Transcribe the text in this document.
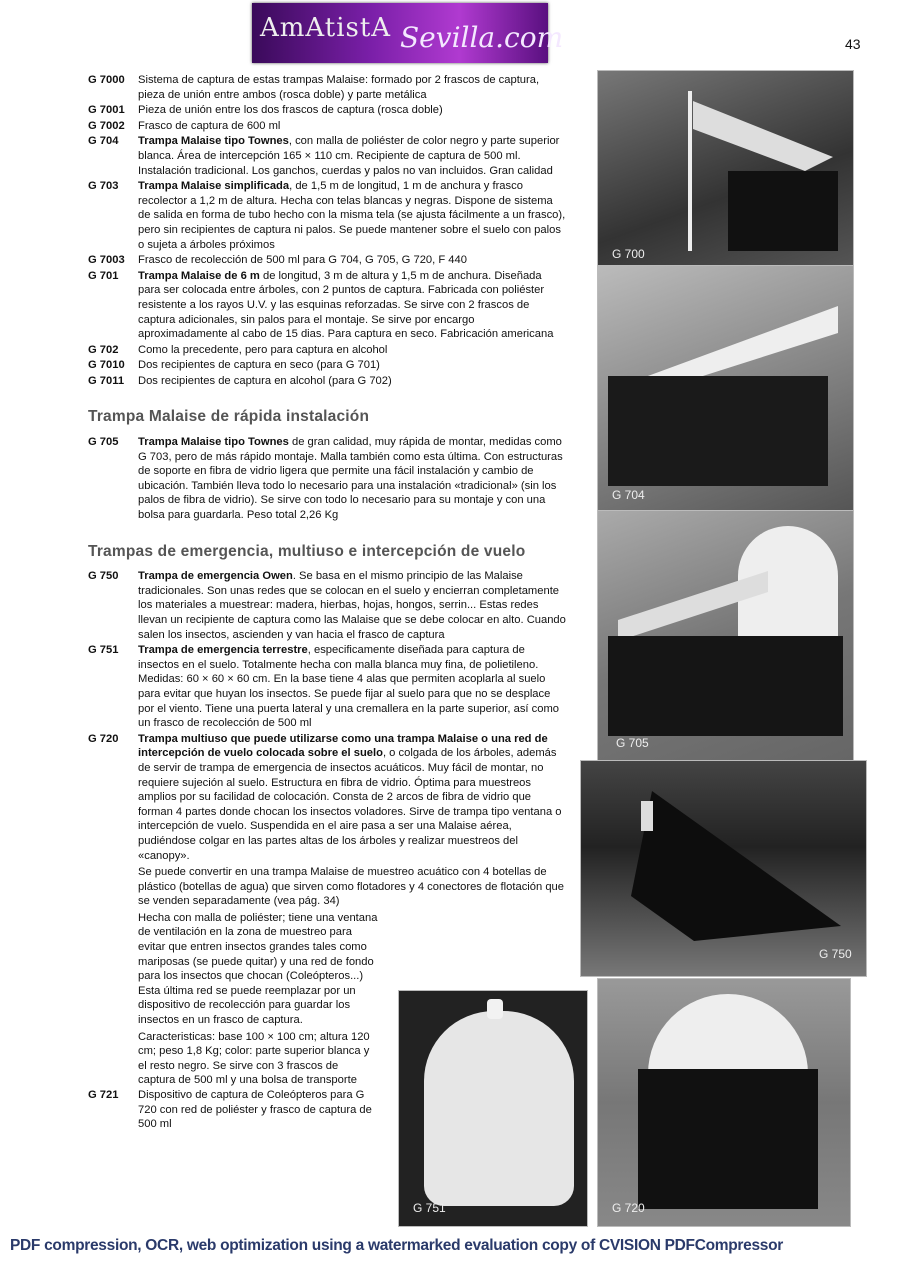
AmAtistA Sevilla.com	43
G 7000	Sistema de captura de estas trampas Malaise: formado por 2 frascos de captura, pieza de unión entre ambos (rosca doble) y parte metálica
G 7001	Pieza de unión entre los dos frascos de captura (rosca doble)
G 7002	Frasco de captura de 600 ml
G 704	Trampa Malaise tipo Townes, con malla de poliéster de color negro y parte superior blanca. Área de intercepción 165 × 110 cm. Recipiente de captura de 500 ml. Instalación tradicional. Los ganchos, cuerdas y palos no van incluidos. Gran calidad
G 703	Trampa Malaise simplificada, de 1,5 m de longitud, 1 m de anchura y frasco recolector a 1,2 m de altura. Hecha con telas blancas y negras. Dispone de sistema de salida en forma de tubo hecho con la misma tela (se ajusta fácilmente a un frasco), pero sin recipientes de captura ni palos. Se puede mantener sobre el suelo con palos o sujeta a árboles próximos
G 7003	Frasco de recolección de 500 ml para G 704, G 705, G 720, F 440
G 701	Trampa Malaise de 6 m de longitud, 3 m de altura y 1,5 m de anchura. Diseñada para ser colocada entre árboles, con 2 puntos de captura. Fabricada con poliéster resistente a los rayos U.V. y las esquinas reforzadas. Se sirve con 2 frascos de captura adicionales, sin palos para el montaje. Se sirve por encargo aproximadamente al cabo de 15 dias. Para captura en seco. Fabricación americana
G 702	Como la precedente, pero para captura en alcohol
G 7010	Dos recipientes de captura en seco (para G 701)
G 7011	Dos recipientes de captura en alcohol (para G 702)
Trampa Malaise de rápida instalación
G 705	Trampa Malaise tipo Townes de gran calidad, muy rápida de montar, medidas como G 703, pero de más rápido montaje. Malla también como esta última. Con estructuras de soporte en fibra de vidrio ligera que permite una fácil instalación y cambio de ubicación. También lleva todo lo necesario para una instalación «tradicional» (sin los palos de fibra de vidrio). Se sirve con todo lo necesario para su montaje y con una bolsa para guardarla. Peso total 2,26 Kg
Trampas de emergencia, multiuso e intercepción de vuelo
G 750	Trampa de emergencia Owen. Se basa en el mismo principio de las Malaise tradicionales. Son unas redes que se colocan en el suelo y encierran completamente los materiales a muestrear: madera, hierbas, hojas, hongos, serrin... Estas redes llevan un recipiente de captura como las Malaise que se debe colocar en alto. Cuando salen los insectos, ascienden y van hacia el frasco de captura
G 751	Trampa de emergencia terrestre, especificamente diseñada para captura de insectos en el suelo. Totalmente hecha con malla blanca muy fina, de polietileno. Medidas: 60 × 60 × 60 cm. En la base tiene 4 alas que permiten acoplarla al suelo para evitar que huyan los insectos. Se puede fijar al suelo para que no se desplace por el viento. Tiene una puerta lateral y una cremallera en la parte superior, así como un frasco de recolección de 500 ml
G 720	Trampa multiuso que puede utilizarse como una trampa Malaise o una red de intercepción de vuelo colocada sobre el suelo, o colgada de los árboles, además de servir de trampa de emergencia de insectos acuáticos. Muy fácil de montar, no requiere sujeción al suelo. Estructura en fibra de vidrio. Óptima para muestreos amplios por su facilidad de colocación. Consta de 2 arcos de fibra de vidrio que forman 4 partes donde chocan los insectos voladores. Sirve de trampa tipo ventana o intercepción de vuelo. Suspendida en el aire pasa a ser una Malaise aérea, pudiéndose colgar en las partes altas de los árboles y realizar muestreos del «canopy».
Se puede convertir en una trampa Malaise de muestreo acuático con 4 botellas de plástico (botellas de agua) que sirven como flotadores y 4 conectores de flotación que se venden separadamente (vea pág. 34)
Hecha con malla de poliéster; tiene una ventana de ventilación en la zona de muestreo para evitar que entren insectos grandes tales como mariposas (se puede quitar) y una red de fondo para los insectos que chocan (Coleópteros...) Esta última red se puede reemplazar por un dispositivo de recolección para guardar los insectos en un frasco de captura.
Caracteristicas: base 100 × 100 cm; altura 120 cm; peso 1,8 Kg; color: parte superior blanca y el resto negro. Se sirve con 3 frascos de captura de 500 ml y una bolsa de transporte
G 721	Dispositivo de captura de Coleópteros para G 720 con red de poliéster y frasco de captura de 500 ml
G 700
G 704
G 705
G 750
G 720
G 751
PDF compression, OCR, web optimization using a watermarked evaluation copy of CVISION PDFCompressor
